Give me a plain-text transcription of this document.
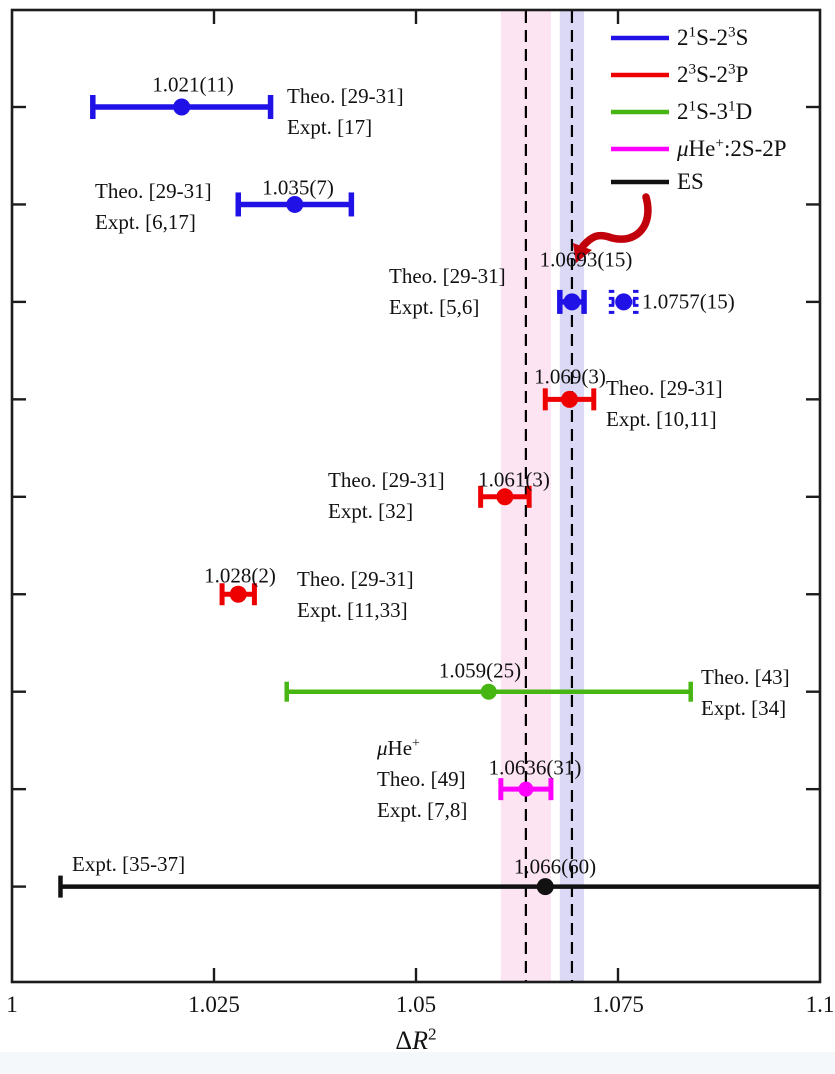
1.021(11)	Theo. [29-31]
Expt. [17]
1.035(7)
Theo. [29-31]
Expt. [6,17]
1.0693(15)
Theo. [29-31]
Expt. [5,6]	1.0757(15)
1.069(3) Theo. [29-31]
Expt. [10,11]
1.061(3)
Theo. [29-31]
Expt. [32]
1.028(2) Theo. [29-31]
Expt. [11,33]
1.059(25)	Theo. [43]
Expt. [34]
1.0636(31)
μHe+
Theo. [49]
Expt. [7,8]
1.066(60)
Expt. [35-37]
$2^1S-2^3S$
$2^3S-2^3P$
$2^1S-3^1D$
μHe+:2S-2P
ES
1	1.025	1.05	1.075	1.1
$\Delta R^2$
